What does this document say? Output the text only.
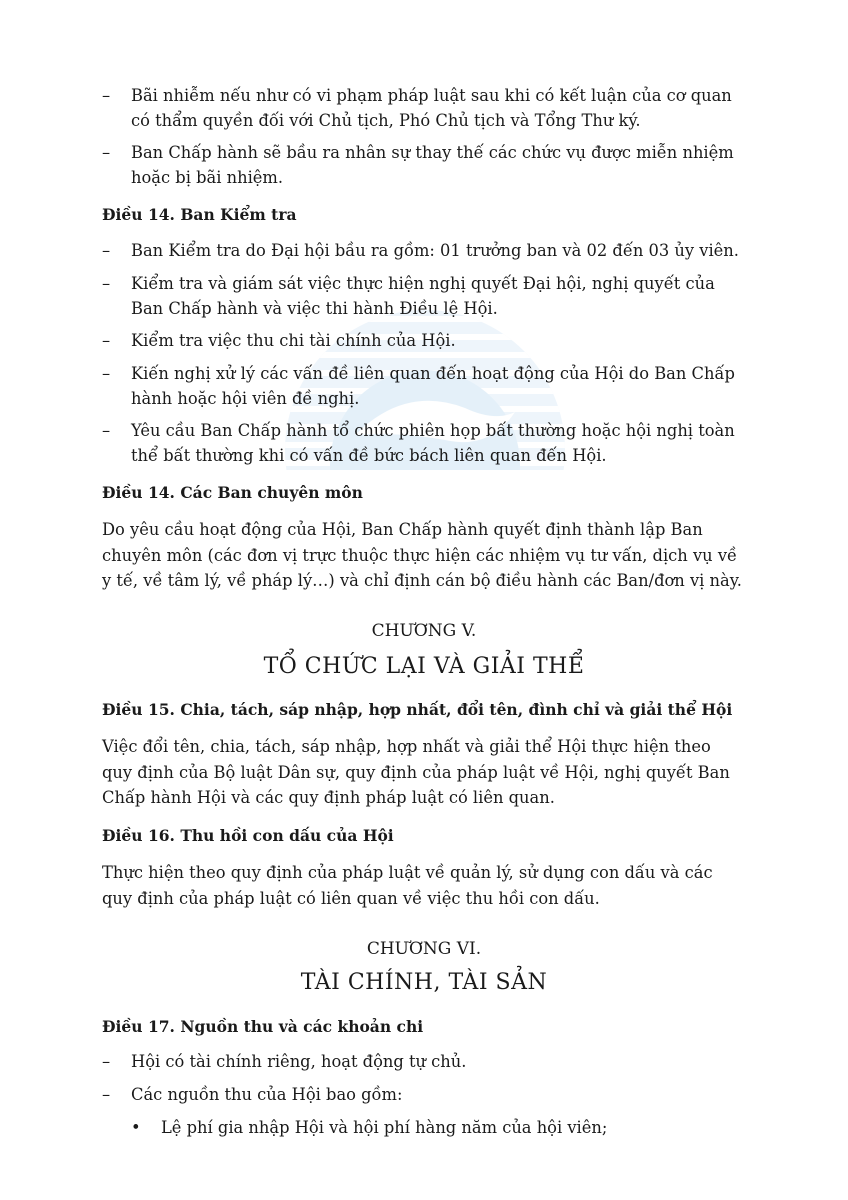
– Bãi nhiễm nếu như có vi phạm pháp luật sau khi có kết luận của cơ quan có thẩm quyền đối với Chủ tịch, Phó Chủ tịch và Tổng Thư ký.

– Ban Chấp hành sẽ bầu ra nhân sự thay thế các chức vụ được miễn nhiệm hoặc bị bãi nhiệm.

Điều 14. Ban Kiểm tra

– Ban Kiểm tra do Đại hội bầu ra gồm: 01 trưởng ban và 02 đến 03 ủy viên.

– Kiểm tra và giám sát việc thực hiện nghị quyết Đại hội, nghị quyết của Ban Chấp hành và việc thi hành Điều lệ Hội.

– Kiểm tra việc thu chi tài chính của Hội.

– Kiến nghị xử lý các vấn đề liên quan đến hoạt động của Hội do Ban Chấp hành hoặc hội viên đề nghị.

– Yêu cầu Ban Chấp hành tổ chức phiên họp bất thường hoặc hội nghị toàn thể bất thường khi có vấn đề bức bách liên quan đến Hội.

Điều 14. Các Ban chuyên môn

Do yêu cầu hoạt động của Hội, Ban Chấp hành quyết định thành lập Ban chuyên môn (các đơn vị trực thuộc thực hiện các nhiệm vụ tư vấn, dịch vụ về y tế, về tâm lý, về pháp lý…) và chỉ định cán bộ điều hành các Ban/đơn vị này.

CHƯƠNG V.

TỔ CHỨC LẠI VÀ GIẢI THỂ

Điều 15. Chia, tách, sáp nhập, hợp nhất, đổi tên, đình chỉ và giải thể Hội

Việc đổi tên, chia, tách, sáp nhập, hợp nhất và giải thể Hội thực hiện theo quy định của Bộ luật Dân sự, quy định của pháp luật về Hội, nghị quyết Ban Chấp hành Hội và các quy định pháp luật có liên quan.

Điều 16. Thu hồi con dấu của Hội

Thực hiện theo quy định của pháp luật về quản lý, sử dụng con dấu và các quy định của pháp luật có liên quan về việc thu hồi con dấu.

CHƯƠNG VI.

TÀI CHÍNH, TÀI SẢN

Điều 17. Nguồn thu và các khoản chi

– Hội có tài chính riêng, hoạt động tự chủ.

– Các nguồn thu của Hội bao gồm:

• Lệ phí gia nhập Hội và hội phí hàng năm của hội viên;
